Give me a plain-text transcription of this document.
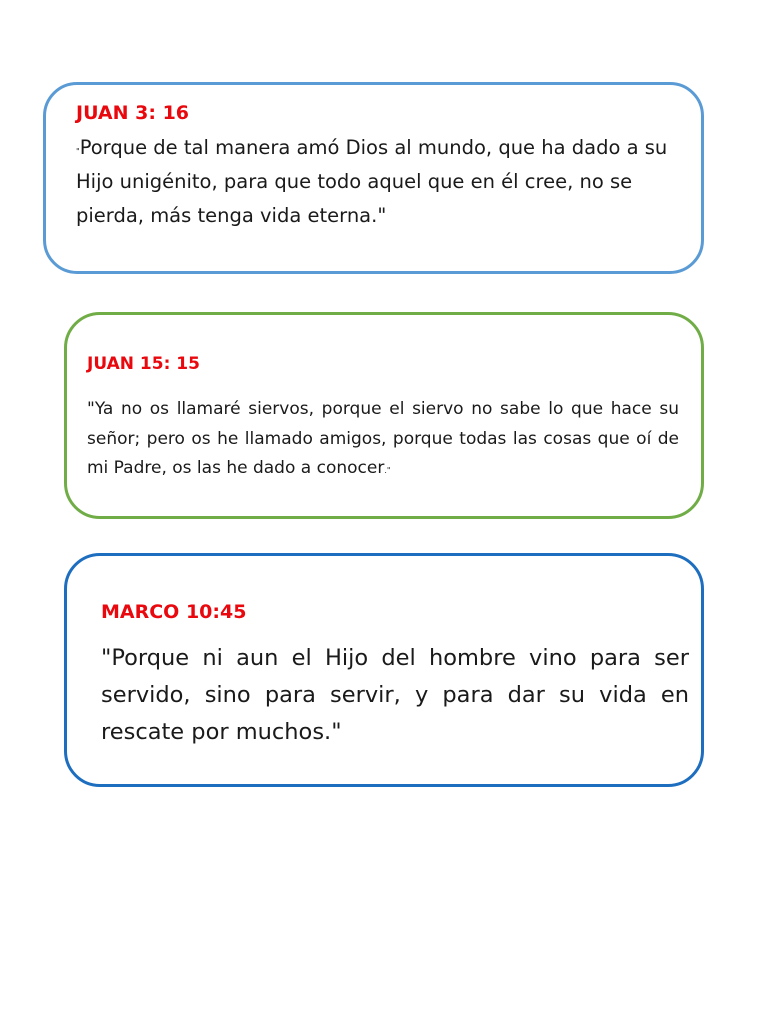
JUAN 3: 16

"Porque de tal manera amó Dios al mundo, que ha dado a su Hijo unigénito, para que todo aquel que en él cree, no se pierda, más tenga vida eterna."

JUAN 15: 15

"Ya no os llamaré siervos, porque el siervo no sabe lo que hace su señor; pero os he llamado amigos, porque todas las cosas que oí de mi Padre, os las he dado a conocer."

MARCO 10:45

"Porque ni aun el Hijo del hombre vino para ser servido, sino para servir, y para dar su vida en rescate por muchos."
